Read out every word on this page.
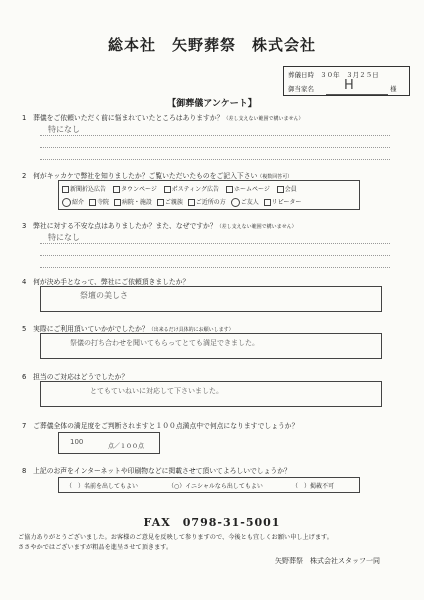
総本社　矢野葬祭　株式会社
葬儀日時 ３０年　３月２５日
御当家名 H	様
【御葬儀アンケート】
1　 葬儀をご依頼いただく前に悩まれていたところはありますか？（差し支えない範囲で構いません）
特になし
2　 何がキッカケで弊社を知りましたか？ご覧いただいたものをご記入下さい（複数回答可）
新聞折込広告 タウンページ ポスティング広告 ホームページ 会員
紹介 寺院 病院・施設 ご親族 ご近所の方 ○ご友人 リピーター
3　 弊社に対する不安な点はありましたか？また、なぜですか？（差し支えない範囲で構いません）
特になし
4　 何が決め手となって、弊社にご依頼頂きましたか？
祭壇の美しさ
5　 実際にご利用頂いていかがでしたか？（出来るだけ具体的にお願いします）
祭儀の打ち合わせを聞いてもらってとても満足できました。
6　 担当のご対応はどうでしたか？
とてもていねいに対応して下さいました。
7　 ご葬儀全体の満足度をご判断されますと１００点満点中で何点になりますでしょうか？
100
点／１００点
8　 上記のお声をインターネットや印刷物などに掲載させて頂いてよろしいでしょうか？
（　）名前を出してもよい	（○）イニシャルなら出してもよい	（　）掲載不可
FAX　0798-31-5001
ご協力ありがとうございました。お客様のご意見を反映して参りますので、今後とも宜しくお願い申し上げます。
ささやかではございますが粗品を進呈させて頂きます。
矢野葬祭　株式会社スタッフ一同
